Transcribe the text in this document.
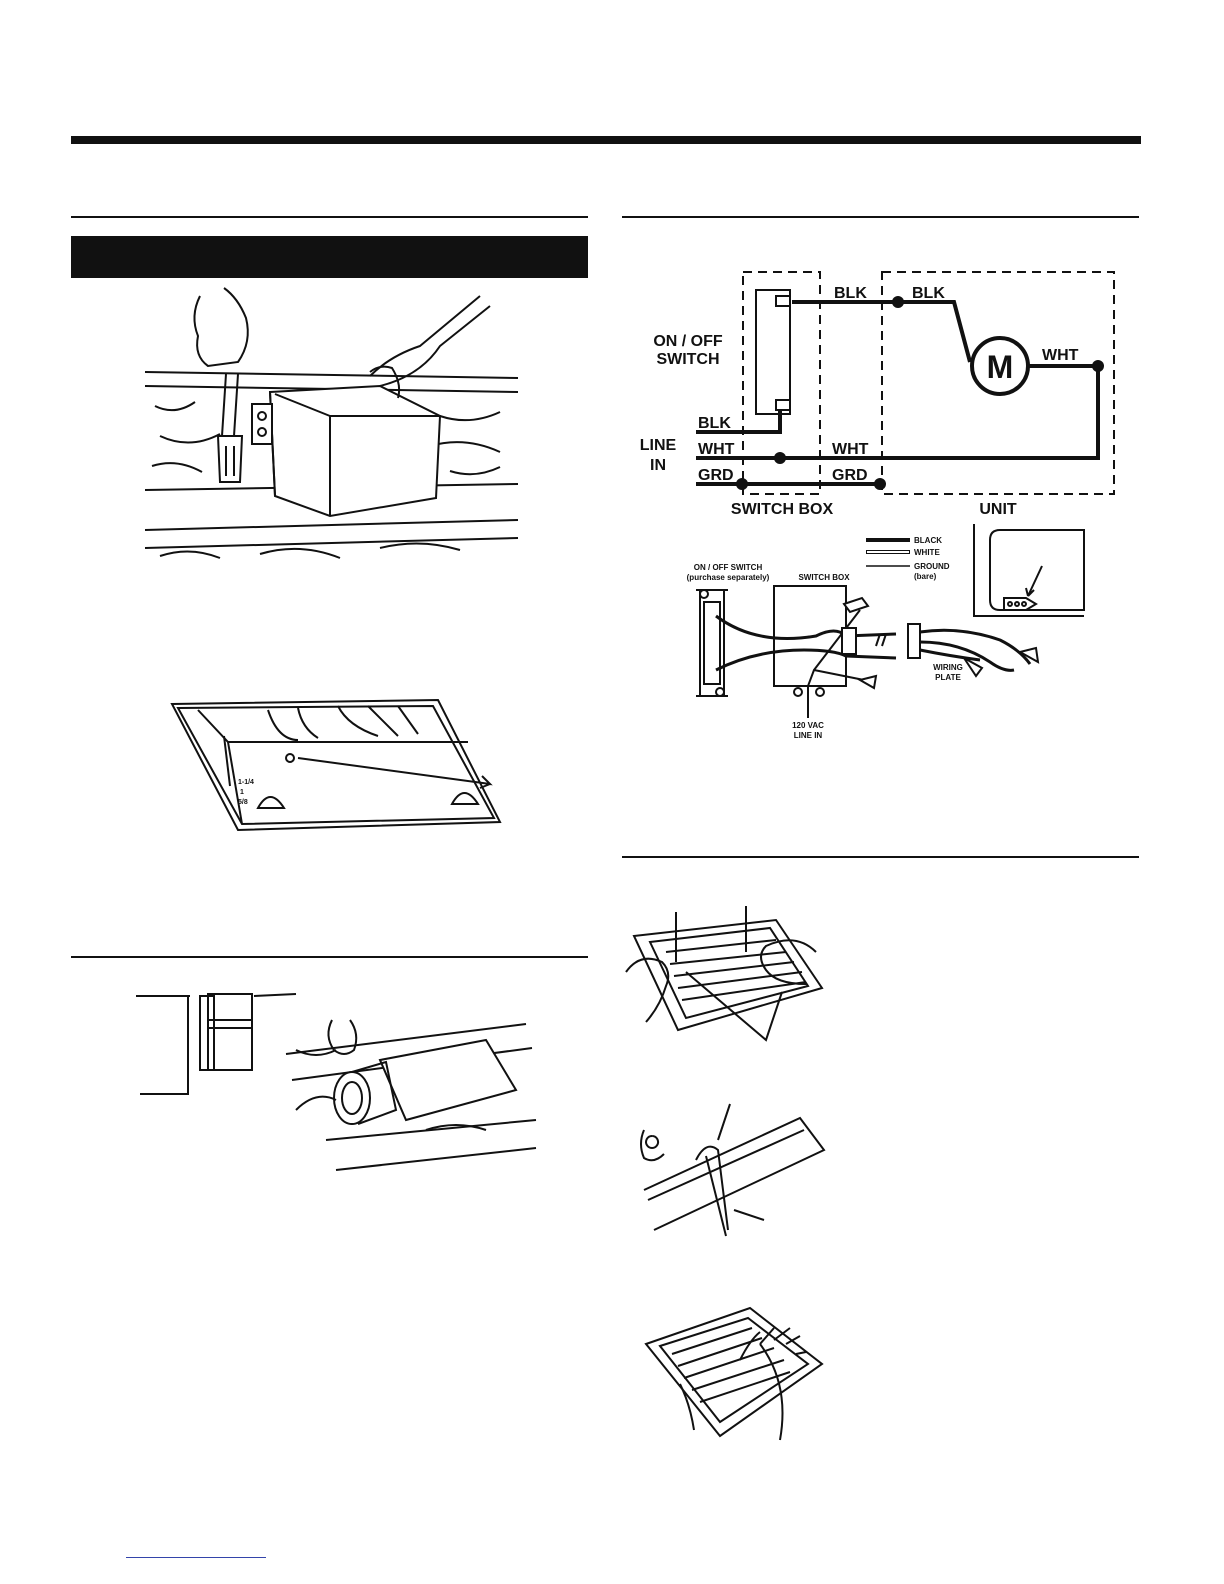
1-1/4
1
5/8
M
ON / OFF
SWITCH
LINE
IN
BLK
WHT
GRD
BLK	BLK
WHT
WHT
GRD
SWITCH BOX	UNIT
BLACK
WHITE
GROUND
(bare)
ON / OFF SWITCH
(purchase separately)	SWITCH BOX
WIRING
PLATE
120 VAC
LINE IN
